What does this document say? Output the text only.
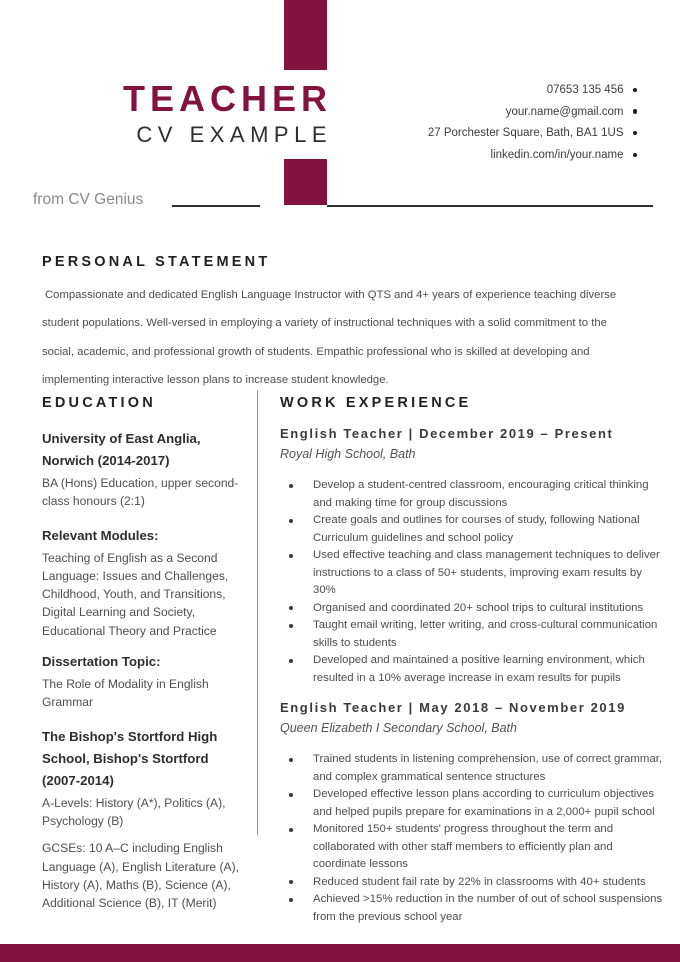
TEACHER
CV EXAMPLE
07653 135 456
your.name@gmail.com
27 Porchester Square, Bath, BA1 1US
linkedin.com/in/your.name
from CV Genius
PERSONAL STATEMENT

Compassionate and dedicated English Language Instructor with QTS and 4+ years of experience teaching diverse student populations. Well-versed in employing a variety of instructional techniques with a solid commitment to the social, academic, and professional growth of students. Empathic professional who is skilled at developing and implementing interactive lesson plans to increase student knowledge.

EDUCATION
University of East Anglia, Norwich (2014-2017)

BA (Hons) Education, upper second-class honours (2:1)

Relevant Modules:

Teaching of English as a Second Language: Issues and Challenges, Childhood, Youth, and Transitions, Digital Learning and Society, Educational Theory and Practice

Dissertation Topic:

The Role of Modality in English Grammar

The Bishop's Stortford High School, Bishop's Stortford (2007-2014)

A-Levels: History (A*), Politics (A), Psychology (B)

GCSEs: 10 A–C including English Language (A), English Literature (A), History (A), Maths (B), Science (A), Additional Science (B), IT (Merit)

WORK EXPERIENCE
English Teacher | December 2019 – Present

Royal High School, Bath

Develop a student-centred classroom, encouraging critical thinking and making time for group discussions
Create goals and outlines for courses of study, following National Curriculum guidelines and school policy
Used effective teaching and class management techniques to deliver instructions to a class of 50+ students, improving exam results by 30%
Organised and coordinated 20+ school trips to cultural institutions
Taught email writing, letter writing, and cross-cultural communication skills to students
Developed and maintained a positive learning environment, which resulted in a 10% average increase in exam results for pupils
English Teacher | May 2018 – November 2019

Queen Elizabeth I Secondary School, Bath

Trained students in listening comprehension, use of correct grammar, and complex grammatical sentence structures
Developed effective lesson plans according to curriculum objectives and helped pupils prepare for examinations in a 2,000+ pupil school
Monitored 150+ students' progress throughout the term and collaborated with other staff members to efficiently plan and coordinate lessons
Reduced student fail rate by 22% in classrooms with 40+ students
Achieved >15% reduction in the number of out of school suspensions from the previous school year
